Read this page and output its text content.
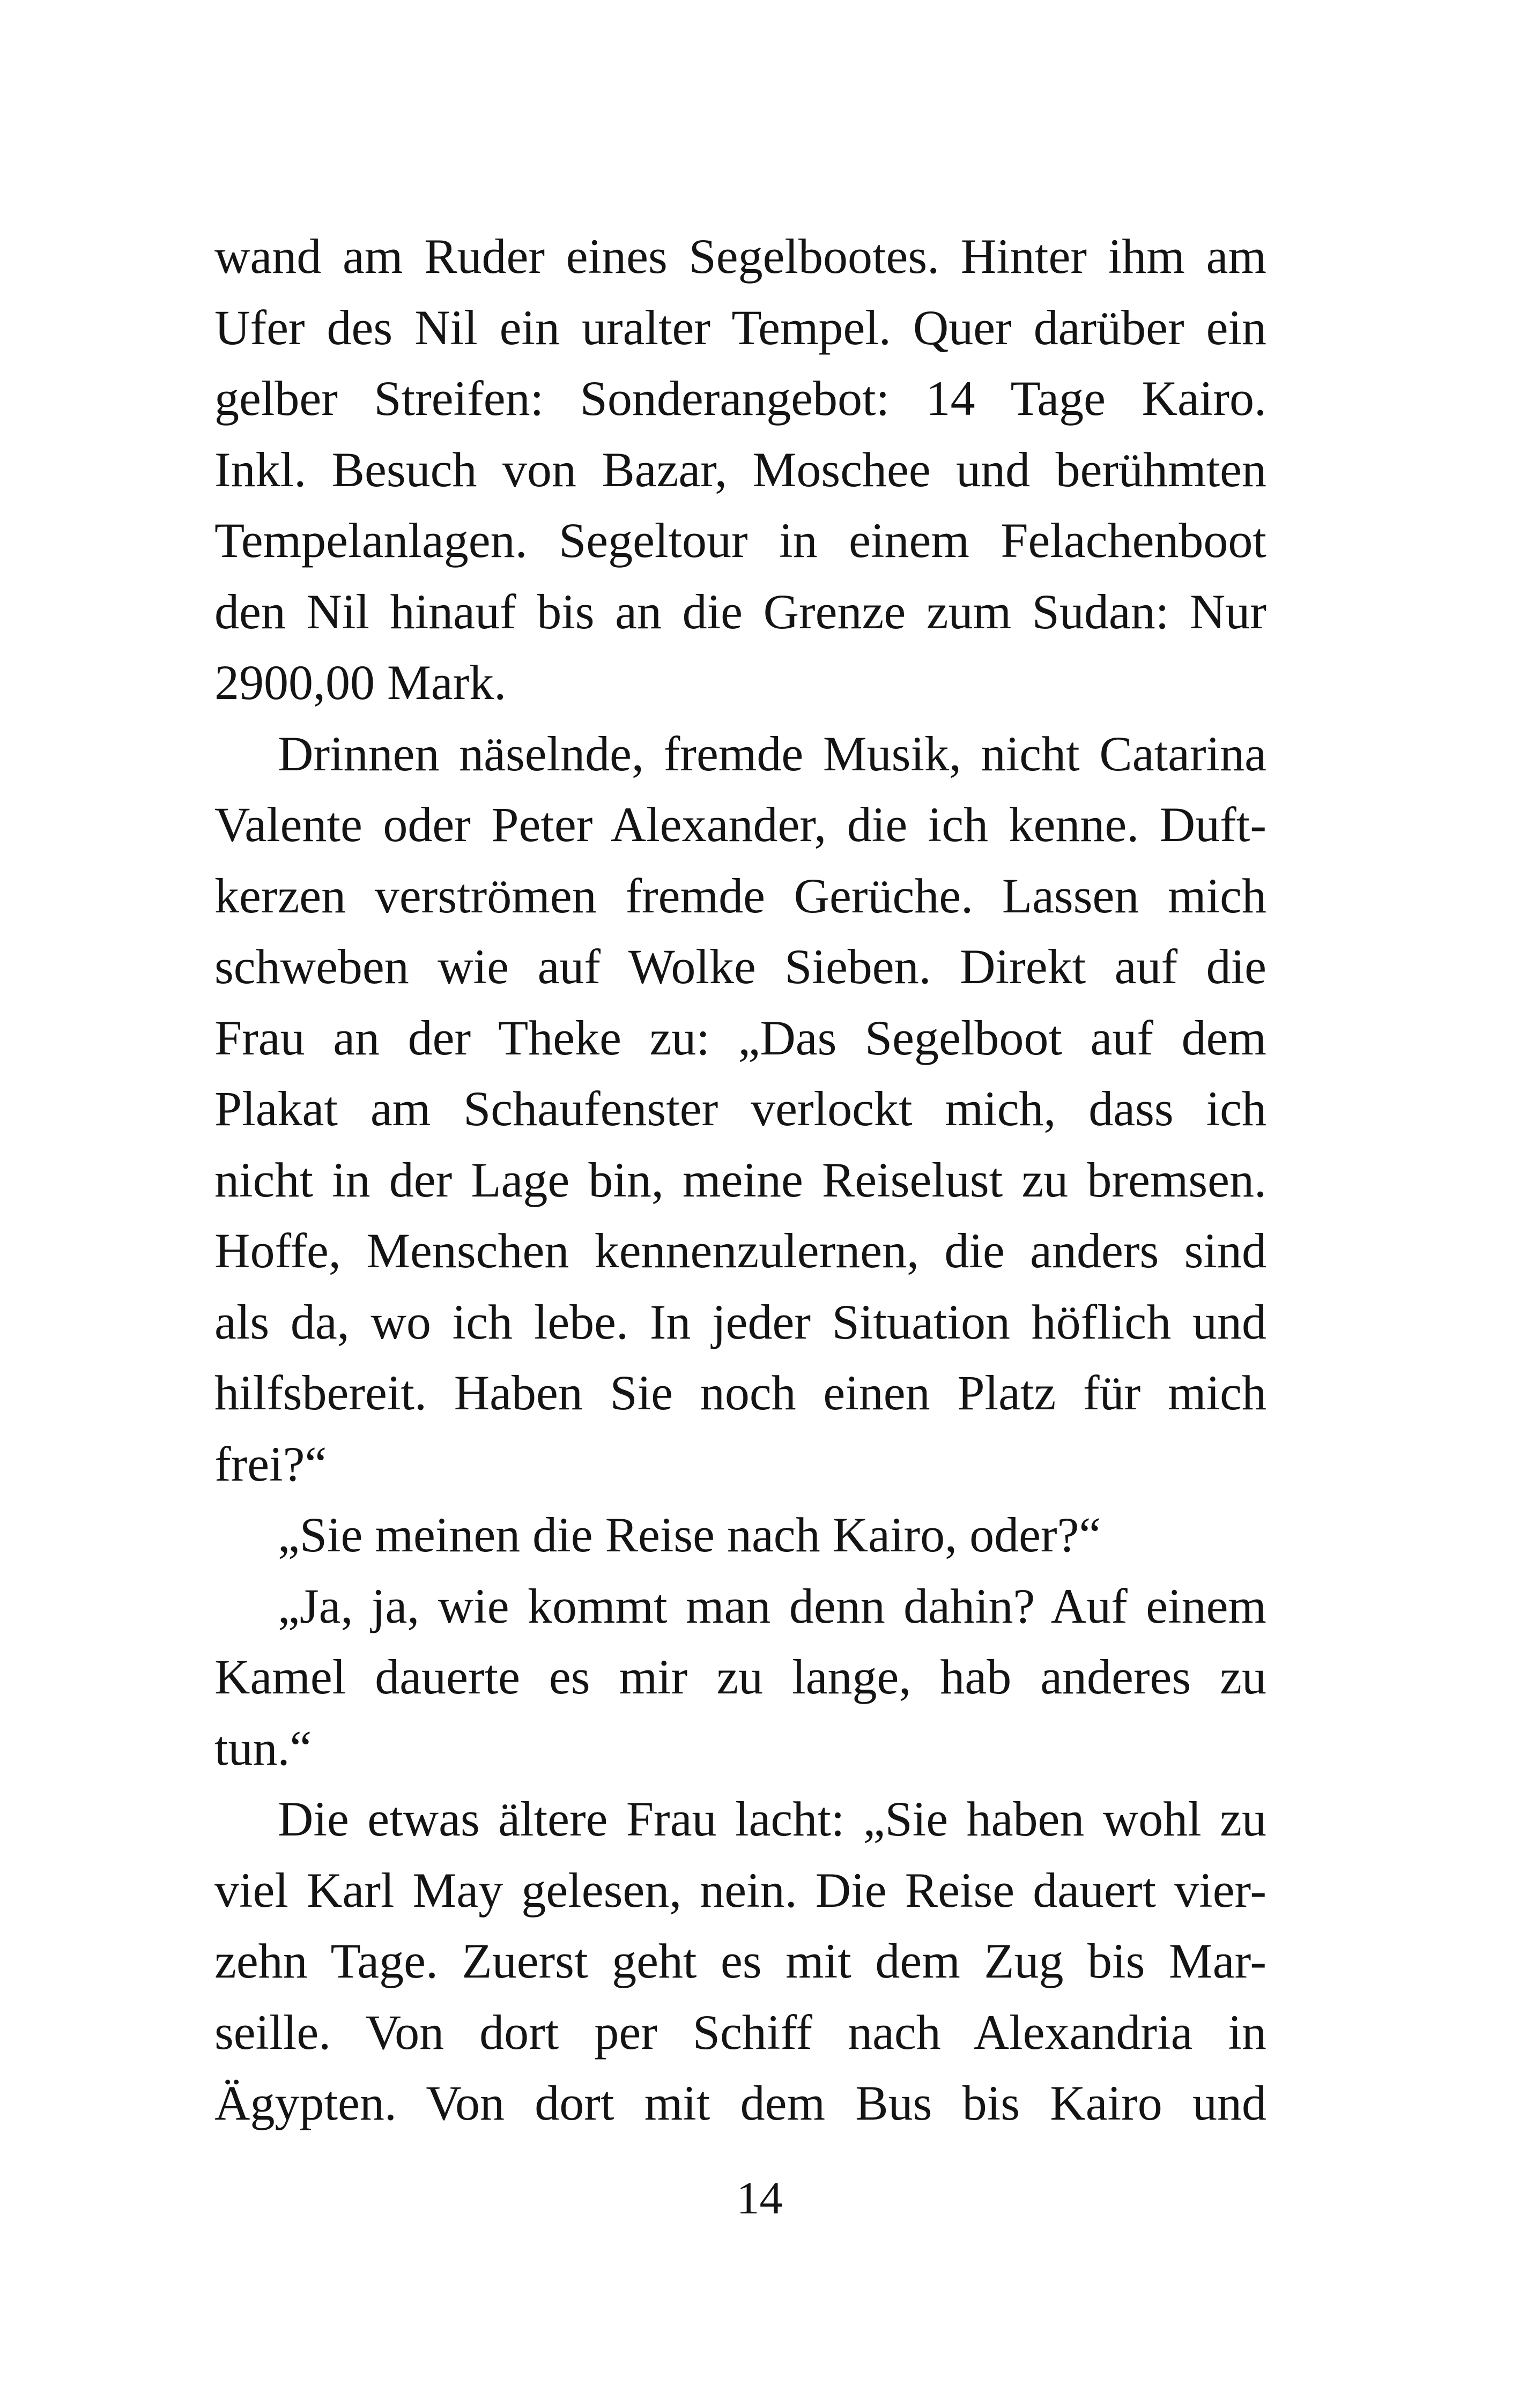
wand am Ruder eines Segelbootes. Hinter ihm am
Ufer des Nil ein uralter Tempel. Quer darüber ein
gelber Streifen: Sonderangebot: 14 Tage Kairo.
Inkl. Besuch von Bazar, Moschee und berühmten
Tempelanlagen. Segeltour in einem Felachenboot
den Nil hinauf bis an die Grenze zum Sudan: Nur
2900,00 Mark.

Drinnen näselnde, fremde Musik, nicht Catarina
Valente oder Peter Alexander, die ich kenne. Duft-
kerzen verströmen fremde Gerüche. Lassen mich
schweben wie auf Wolke Sieben. Direkt auf die
Frau an der Theke zu: „Das Segelboot auf dem
Plakat am Schaufenster verlockt mich, dass ich
nicht in der Lage bin, meine Reiselust zu bremsen.
Hoffe, Menschen kennenzulernen, die anders sind
als da, wo ich lebe. In jeder Situation höflich und
hilfsbereit. Haben Sie noch einen Platz für mich
frei?“

„Sie meinen die Reise nach Kairo, oder?“

„Ja, ja, wie kommt man denn dahin? Auf einem
Kamel dauerte es mir zu lange, hab anderes zu
tun.“

Die etwas ältere Frau lacht: „Sie haben wohl zu
viel Karl May gelesen, nein. Die Reise dauert vier-
zehn Tage. Zuerst geht es mit dem Zug bis Mar-
seille. Von dort per Schiff nach Alexandria in
Ägypten. Von dort mit dem Bus bis Kairo und

14
